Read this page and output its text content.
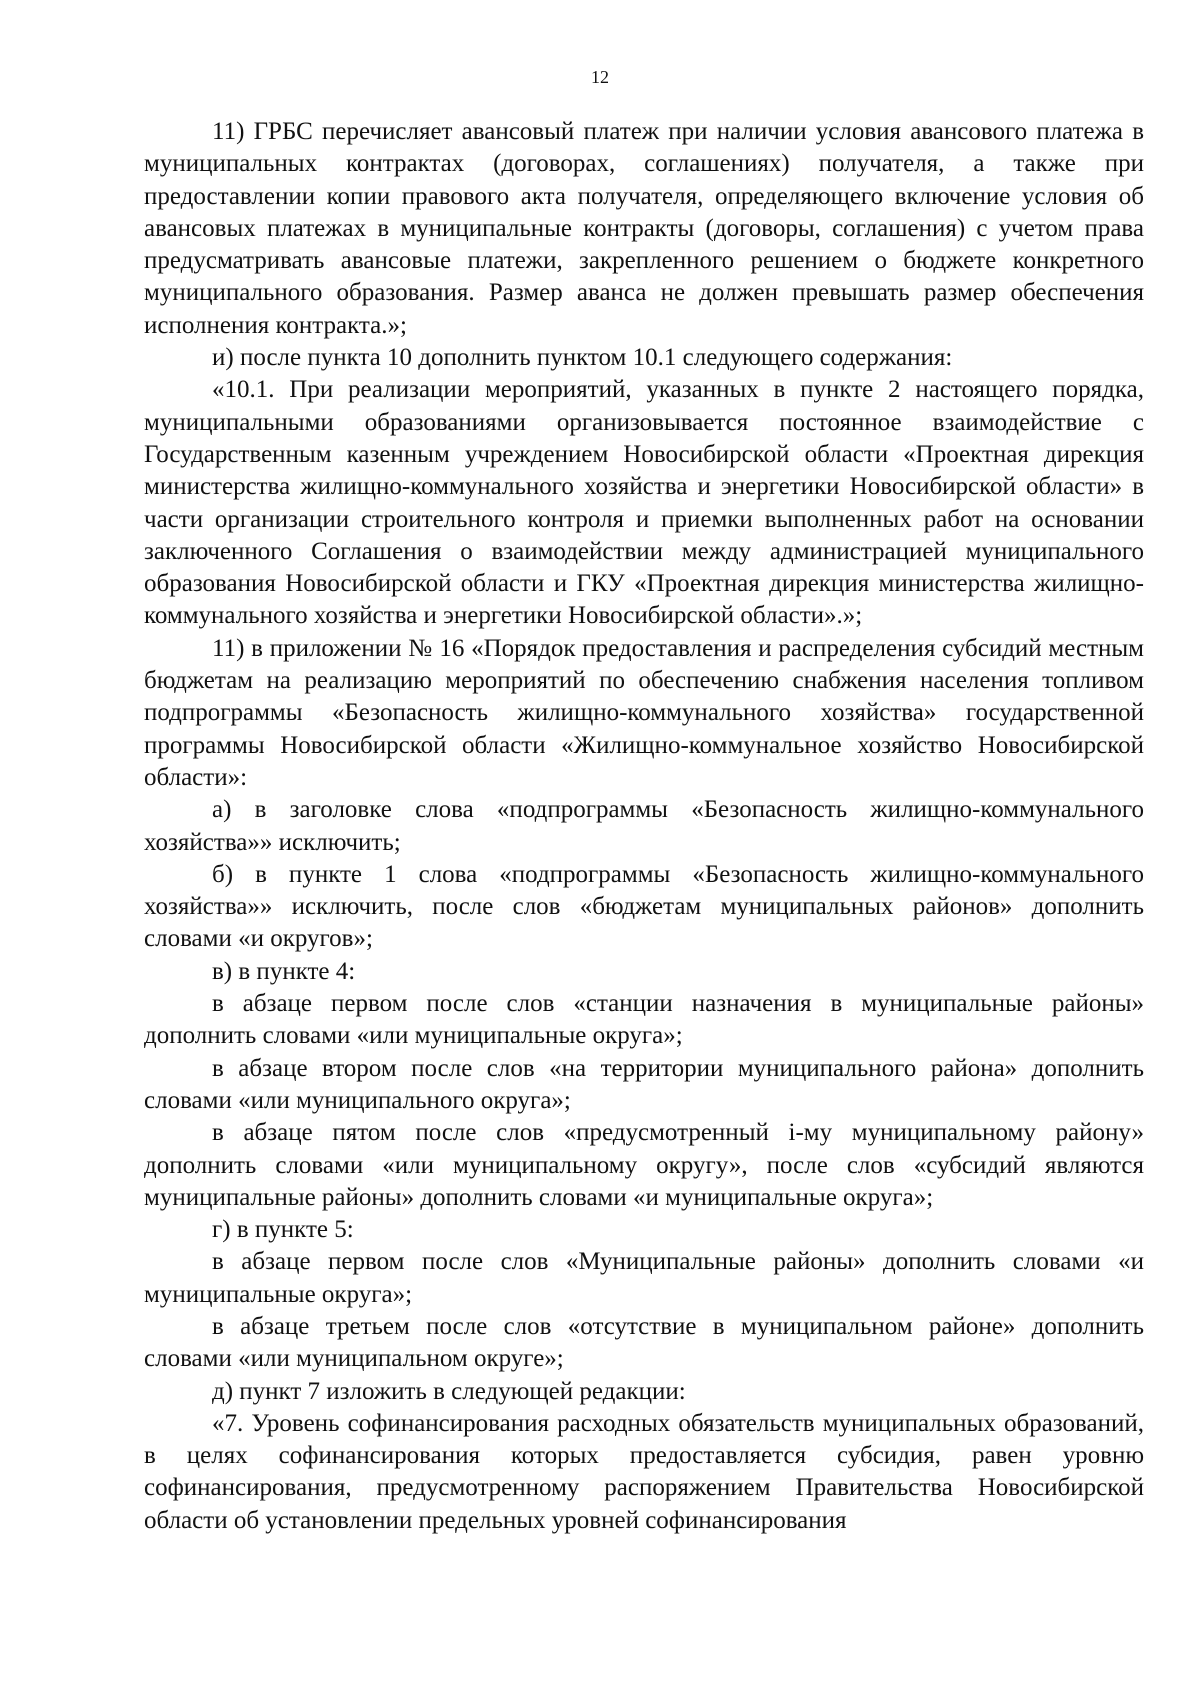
12

11) ГРБС перечисляет авансовый платеж при наличии условия авансового платежа в муниципальных контрактах (договорах, соглашениях) получателя, а также при предоставлении копии правового акта получателя, определяющего включение условия об авансовых платежах в муниципальные контракты (договоры, соглашения) с учетом права предусматривать авансовые платежи, закрепленного решением о бюджете конкретного муниципального образования. Размер аванса не должен превышать размер обеспечения исполнения контракта.»;

и) после пункта 10 дополнить пунктом 10.1 следующего содержания:

«10.1. При реализации мероприятий, указанных в пункте 2 настоящего порядка, муниципальными образованиями организовывается постоянное взаимодействие с Государственным казенным учреждением Новосибирской области «Проектная дирекция министерства жилищно-коммунального хозяйства и энергетики Новосибирской области» в части организации строительного контроля и приемки выполненных работ на основании заключенного Соглашения о взаимодействии между администрацией муниципального образования Новосибирской области и ГКУ «Проектная дирекция министерства жилищно-коммунального хозяйства и энергетики Новосибирской области».»;

11) в приложении № 16 «Порядок предоставления и распределения субсидий местным бюджетам на реализацию мероприятий по обеспечению снабжения населения топливом подпрограммы «Безопасность жилищно-коммунального хозяйства» государственной программы Новосибирской области «Жилищно-коммунальное хозяйство Новосибирской области»:

а) в заголовке слова «подпрограммы «Безопасность жилищно-коммунального хозяйства»» исключить;

б) в пункте 1 слова «подпрограммы «Безопасность жилищно-коммунального хозяйства»» исключить, после слов «бюджетам муниципальных районов» дополнить словами «и округов»;

в) в пункте 4:

в абзаце первом после слов «станции назначения в муниципальные районы» дополнить словами «или муниципальные округа»;

в абзаце втором после слов «на территории муниципального района» дополнить словами «или муниципального округа»;

в абзаце пятом после слов «предусмотренный i-му муниципальному району» дополнить словами «или муниципальному округу», после слов «субсидий являются муниципальные районы» дополнить словами «и муниципальные округа»;

г) в пункте 5:

в абзаце первом после слов «Муниципальные районы» дополнить словами «и муниципальные округа»;

в абзаце третьем после слов «отсутствие в муниципальном районе» дополнить словами «или муниципальном округе»;

д) пункт 7 изложить в следующей редакции:

«7. Уровень софинансирования расходных обязательств муниципальных образований, в целях софинансирования которых предоставляется субсидия, равен уровню софинансирования, предусмотренному распоряжением Правительства Новосибирской области об установлении предельных уровней софинансирования
